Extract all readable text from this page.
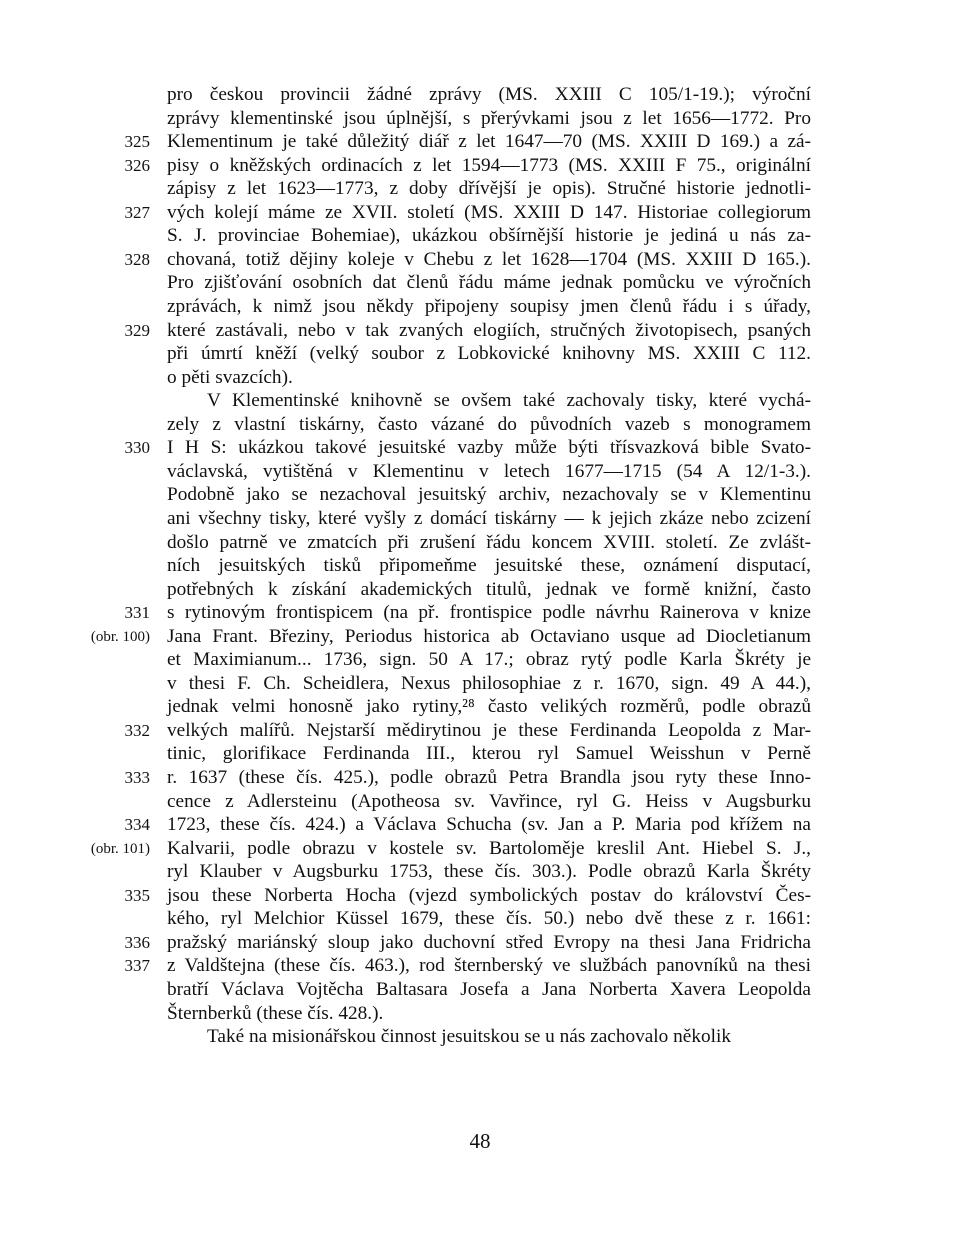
pro českou provincii žádné zprávy (MS. XXIII C 105/1-19.); výroční
zprávy klementinské jsou úplnější, s přerývkami jsou z let 1656—1772. Pro
Klementinum je také důležitý diář z let 1647—70 (MS. XXIII D 169.) a zá-
pisy o kněžských ordinacích z let 1594—1773 (MS. XXIII F 75., originální
zápisy z let 1623—1773, z doby dřívější je opis). Stručné historie jednotli-
vých kolejí máme ze XVII. století (MS. XXIII D 147. Historiae collegiorum
S. J. provinciae Bohemiae), ukázkou obšírnější historie je jediná u nás za-
chovaná, totiž dějiny koleje v Chebu z let 1628—1704 (MS. XXIII D 165.).
Pro zjišťování osobních dat členů řádu máme jednak pomůcku ve výročních
zprávách, k nimž jsou někdy připojeny soupisy jmen členů řádu i s úřady,
které zastávali, nebo v tak zvaných elogiích, stručných životopisech, psaných
při úmrtí kněží (velký soubor z Lobkovické knihovny MS. XXIII C 112.
o pěti svazcích).
V Klementinské knihovně se ovšem také zachovaly tisky, které vychá-
zely z vlastní tiskárny, často vázané do původních vazeb s monogramem
I H S: ukázkou takové jesuitské vazby může býti třísvazková bible Svato-
václavská, vytištěná v Klementinu v letech 1677—1715 (54 A 12/1-3.).
Podobně jako se nezachoval jesuitský archiv, nezachovaly se v Klementinu
ani všechny tisky, které vyšly z domácí tiskárny — k jejich zkáze nebo zcizení
došlo patrně ve zmatcích při zrušení řádu koncem XVIII. století. Ze zvlášt-
ních jesuitských tisků připomeňme jesuitské these, oznámení disputací,
potřebných k získání akademických titulů, jednak ve formě knižní, často
s rytinovým frontispicem (na př. frontispice podle návrhu Rainerova v knize
Jana Frant. Březiny, Periodus historica ab Octaviano usque ad Diocletianum
et Maximianum... 1736, sign. 50 A 17.; obraz rytý podle Karla Škréty je
v thesi F. Ch. Scheidlera, Nexus philosophiae z r. 1670, sign. 49 A 44.),
jednak velmi honosně jako rytiny,²⁸ často velikých rozměrů, podle obrazů
velkých malířů. Nejstarší mědirytinou je these Ferdinanda Leopolda z Mar-
tinic, glorifikace Ferdinanda III., kterou ryl Samuel Weisshun v Perně
r. 1637 (these čís. 425.), podle obrazů Petra Brandla jsou ryty these Inno-
cence z Adlersteinu (Apotheosa sv. Vavřince, ryl G. Heiss v Augsburku
1723, these čís. 424.) a Václava Schucha (sv. Jan a P. Maria pod křížem na
Kalvarii, podle obrazu v kostele sv. Bartoloměje kreslil Ant. Hiebel S. J.,
ryl Klauber v Augsburku 1753, these čís. 303.). Podle obrazů Karla Škréty
jsou these Norberta Hocha (vjezd symbolických postav do království Čes-
kého, ryl Melchior Küssel 1679, these čís. 50.) nebo dvě these z r. 1661:
pražský mariánský sloup jako duchovní střed Evropy na thesi Jana Fridricha
z Valdštejna (these čís. 463.), rod šternberský ve službách panovníků na thesi
bratří Václava Vojtěcha Baltasara Josefa a Jana Norberta Xavera Leopolda
Šternberků (these čís. 428.).
Také na misionářskou činnost jesuitskou se u nás zachovalo několik
325
326
327
328
329
330
331
(obr. 100)
332
333
334
(obr. 101)
335
336
337
48
